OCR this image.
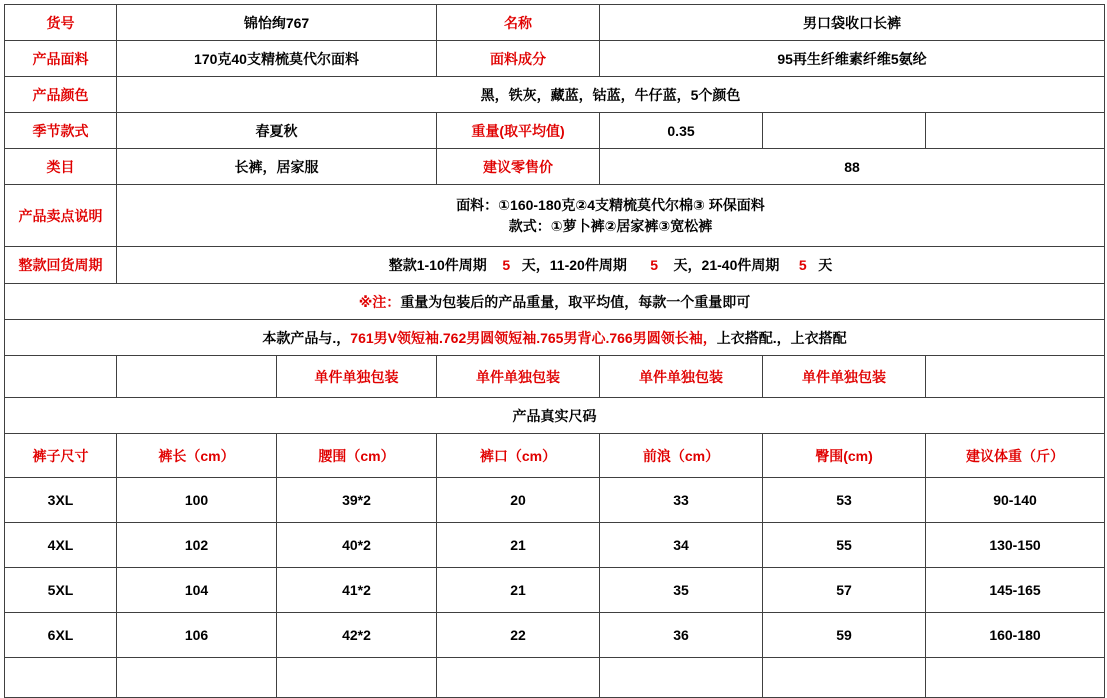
货号	锦怡绚767		名称	男口袋收口长裤		
产品面料	170克40支精梳莫代尔面料		面料成分	95再生纤维素纤维5氨纶		
产品颜色	黑，铁灰，藏蓝，钴蓝，牛仔蓝，5个颜色					
季节款式	春夏秋		重量(取平均值)	0.35		
类目	长裤，居家服		建议零售价	88		
产品卖点说明	面料：①160-180克②4支精梳莫代尔棉③ 环保面料
款式：①萝卜裤②居家裤③宽松裤					

整款回货周期	整款1-10件周期 5 天，11-20件周期 5 天，21-40件周期 5 天					
※注：重量为包装后的产品重量，取平均值，每款一个重量即可						
本款产品与.，761男V领短袖.762男圆领短袖.765男背心.766男圆领长袖，上衣搭配.，上衣搭配						
		单件单独包装	单件单独包装	单件单独包装	单件单独包装	
产品真实尺码						
裤子尺寸	裤长（cm）	腰围（cm）	裤口（cm）	前浪（cm）	臀围(cm)	建议体重（斤）
3XL	100	39*2	20	33	53	90-140
4XL	102	40*2	21	34	55	130-150
5XL	104	41*2	21	35	57	145-165
6XL	106	42*2	22	36	59	160-180
